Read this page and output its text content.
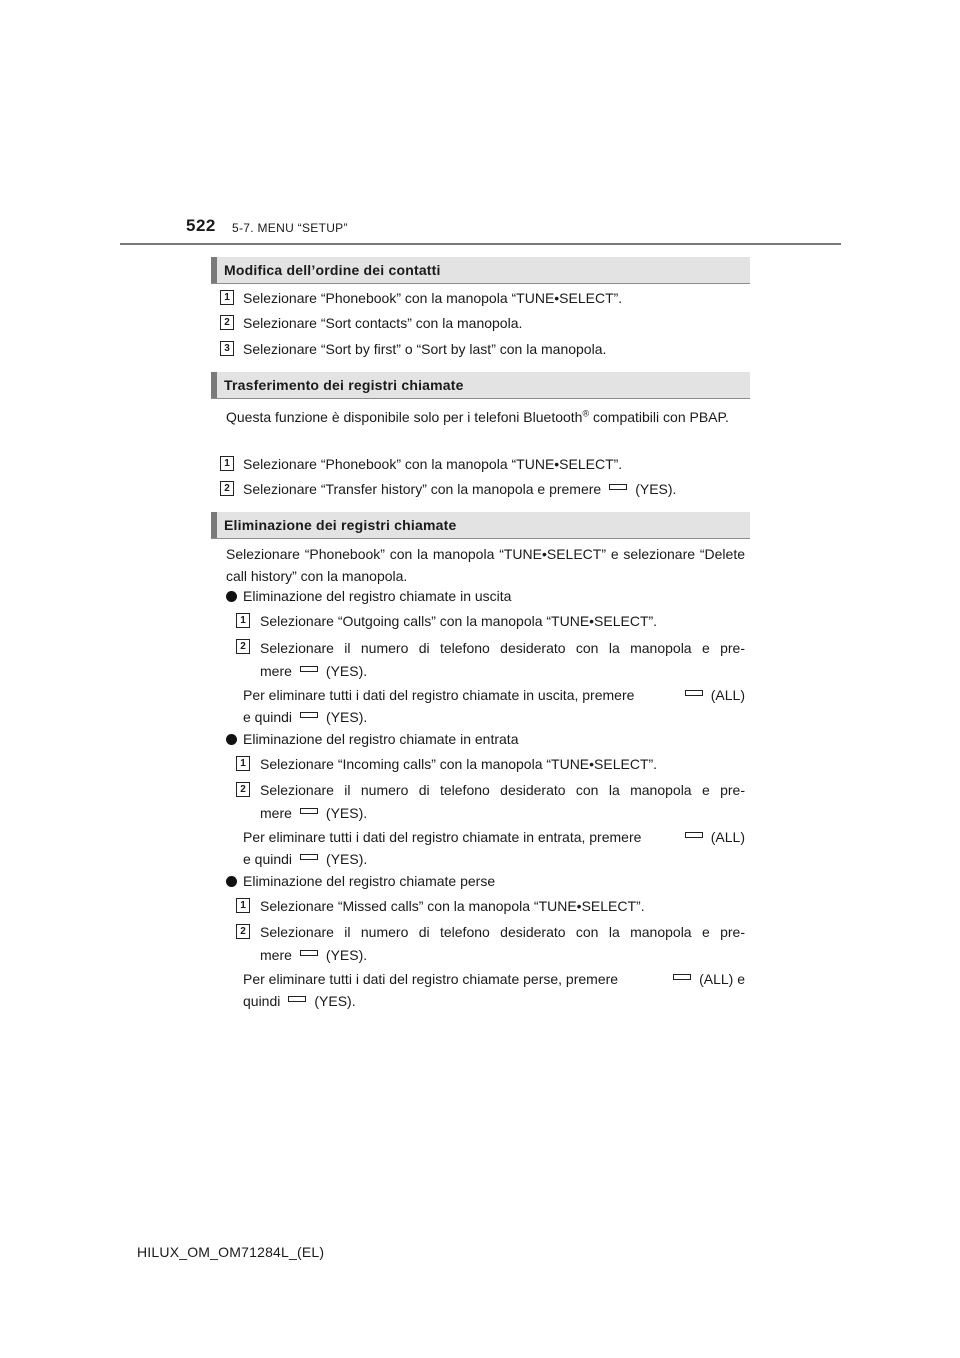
522 5-7. MENU “SETUP”
Modifica dell’ordine dei contatti
1 Selezionare “Phonebook” con la manopola “TUNE•SELECT”.
2 Selezionare “Sort contacts” con la manopola.
3 Selezionare “Sort by first” o “Sort by last” con la manopola.
Trasferimento dei registri chiamate
Questa funzione è disponibile solo per i telefoni Bluetooth® compatibili con PBAP.
1 Selezionare “Phonebook” con la manopola “TUNE•SELECT”.
2 Selezionare “Transfer history” con la manopola e premere (YES).
Eliminazione dei registri chiamate
Selezionare “Phonebook” con la manopola “TUNE•SELECT” e selezionare “Delete call history” con la manopola.
Eliminazione del registro chiamate in uscita
1	Selezionare “Outgoing calls” con la manopola “TUNE•SELECT”.
2	Selezionare il numero di telefono desiderato con la manopola e pre-
mere (YES).
Per eliminare tutti i dati del registro chiamate in uscita, premere	(ALL)
e quindi (YES).
Eliminazione del registro chiamate in entrata
1	Selezionare “Incoming calls” con la manopola “TUNE•SELECT”.
2	Selezionare il numero di telefono desiderato con la manopola e pre-
mere (YES).
Per eliminare tutti i dati del registro chiamate in entrata, premere	(ALL)
e quindi (YES).
Eliminazione del registro chiamate perse
1	Selezionare “Missed calls” con la manopola “TUNE•SELECT”.
2	Selezionare il numero di telefono desiderato con la manopola e pre-
mere (YES).
Per eliminare tutti i dati del registro chiamate perse, premere	(ALL) e
quindi (YES).
HILUX_OM_OM71284L_(EL)
